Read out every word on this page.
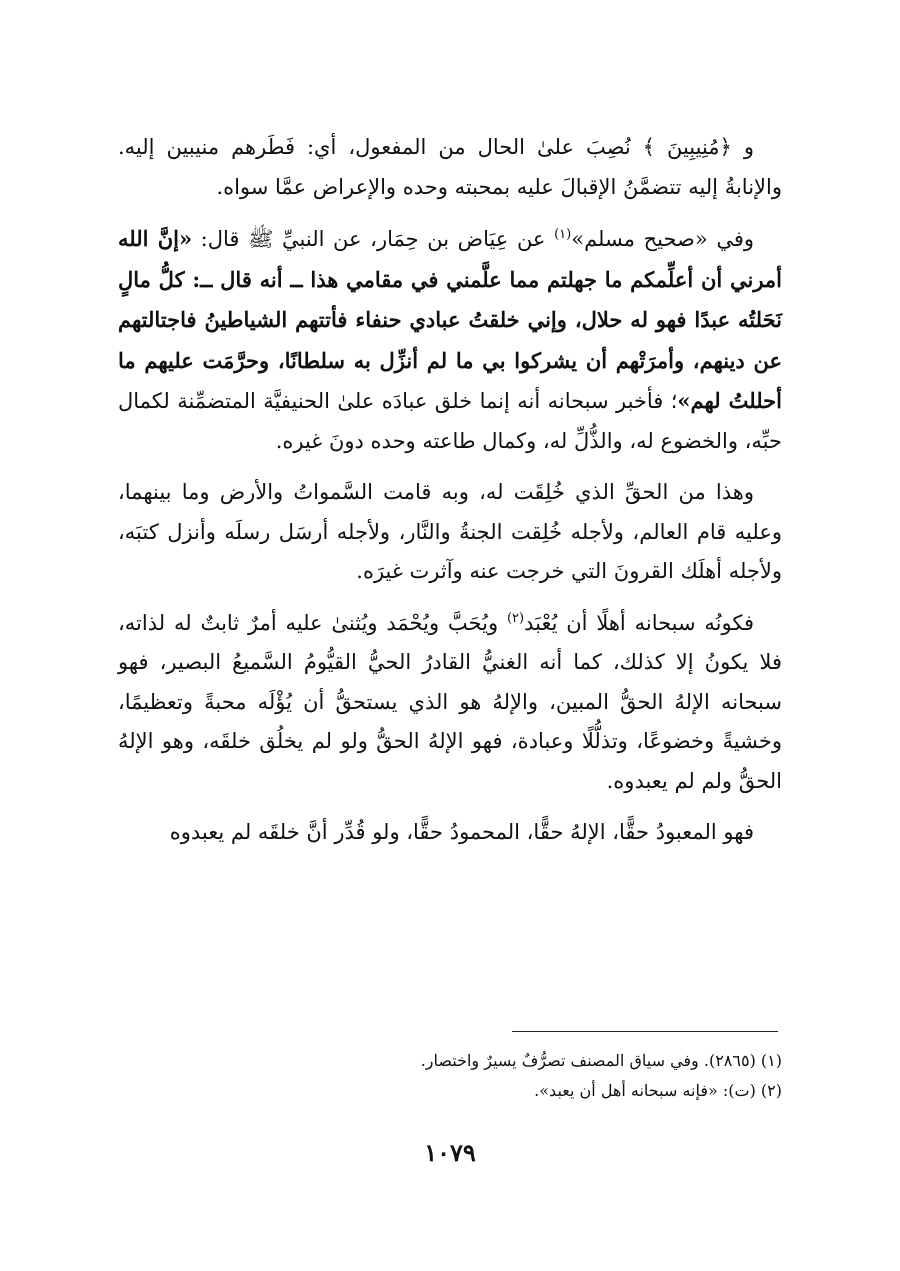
و ﴿مُنِيبِينَ ﴾ نُصِبَ علىٰ الحال من المفعول، أي: فَطَرهم منيبين إليه. والإنابةُ إليه تتضمَّنُ الإقبالَ عليه بمحبته وحده والإعراض عمَّا سواه.

وفي «صحيح مسلم»$^{(١)}$ عن عِيَاض بن حِمَار، عن النبيِّ ﷺ قال: «إنَّ الله أمرني أن أعلِّمكم ما جهلتم مما علَّمني في مقامي هذا ــ أنه قال ــ: كلُّ مالٍ نَحَلتُه عبدًا فهو له حلال، وإني خلقتُ عبادي حنفاء فأتتهم الشياطينُ فاجتالتهم عن دينهم، وأمرَتْهم أن يشركوا بي ما لم أنزِّل به سلطانًا، وحرَّمَت عليهم ما أحللتُ لهم»؛ فأخبر سبحانه أنه إنما خلق عبادَه علىٰ الحنيفيَّة المتضمِّنة لكمال حبِّه، والخضوع له، والذُّلِّ له، وكمال طاعته وحده دونَ غيره.

وهذا من الحقِّ الذي خُلِقَت له، وبه قامت السَّمواتُ والأرض وما بينهما، وعليه قام العالم، ولأجله خُلِقت الجنةُ والنَّار، ولأجله أرسَل رسلَه وأنزل كتبَه، ولأجله أهلَك القرونَ التي خرجت عنه وآثرت غيرَه.

فكونُه سبحانه أهلًا أن يُعْبَد$^{(٢)}$ ويُحَبَّ ويُحْمَد ويُثنىٰ عليه أمرٌ ثابتٌ له لذاته، فلا يكونُ إلا كذلك، كما أنه الغنيُّ القادرُ الحيُّ القيُّومُ السَّميعُ البصير، فهو سبحانه الإلهُ الحقُّ المبين، والإلهُ هو الذي يستحقُّ أن يُؤْلَه محبةً وتعظيمًا، وخشيةً وخضوعًا، وتذلُّلًا وعبادة، فهو الإلهُ الحقُّ ولو لم يخلُق خلقَه، وهو الإلهُ الحقُّ ولم لم يعبدوه.

فهو المعبودُ حقًّا، الإلهُ حقًّا، المحمودُ حقًّا، ولو قُدِّر أنَّ خلقَه لم يعبدوه

(١) (٢٨٦٥). وفي سياق المصنف تصرُّفٌ يسيرٌ واختصار.

(٢) (ت): «فإنه سبحانه أهل أن يعبد».

١٠٧٩
